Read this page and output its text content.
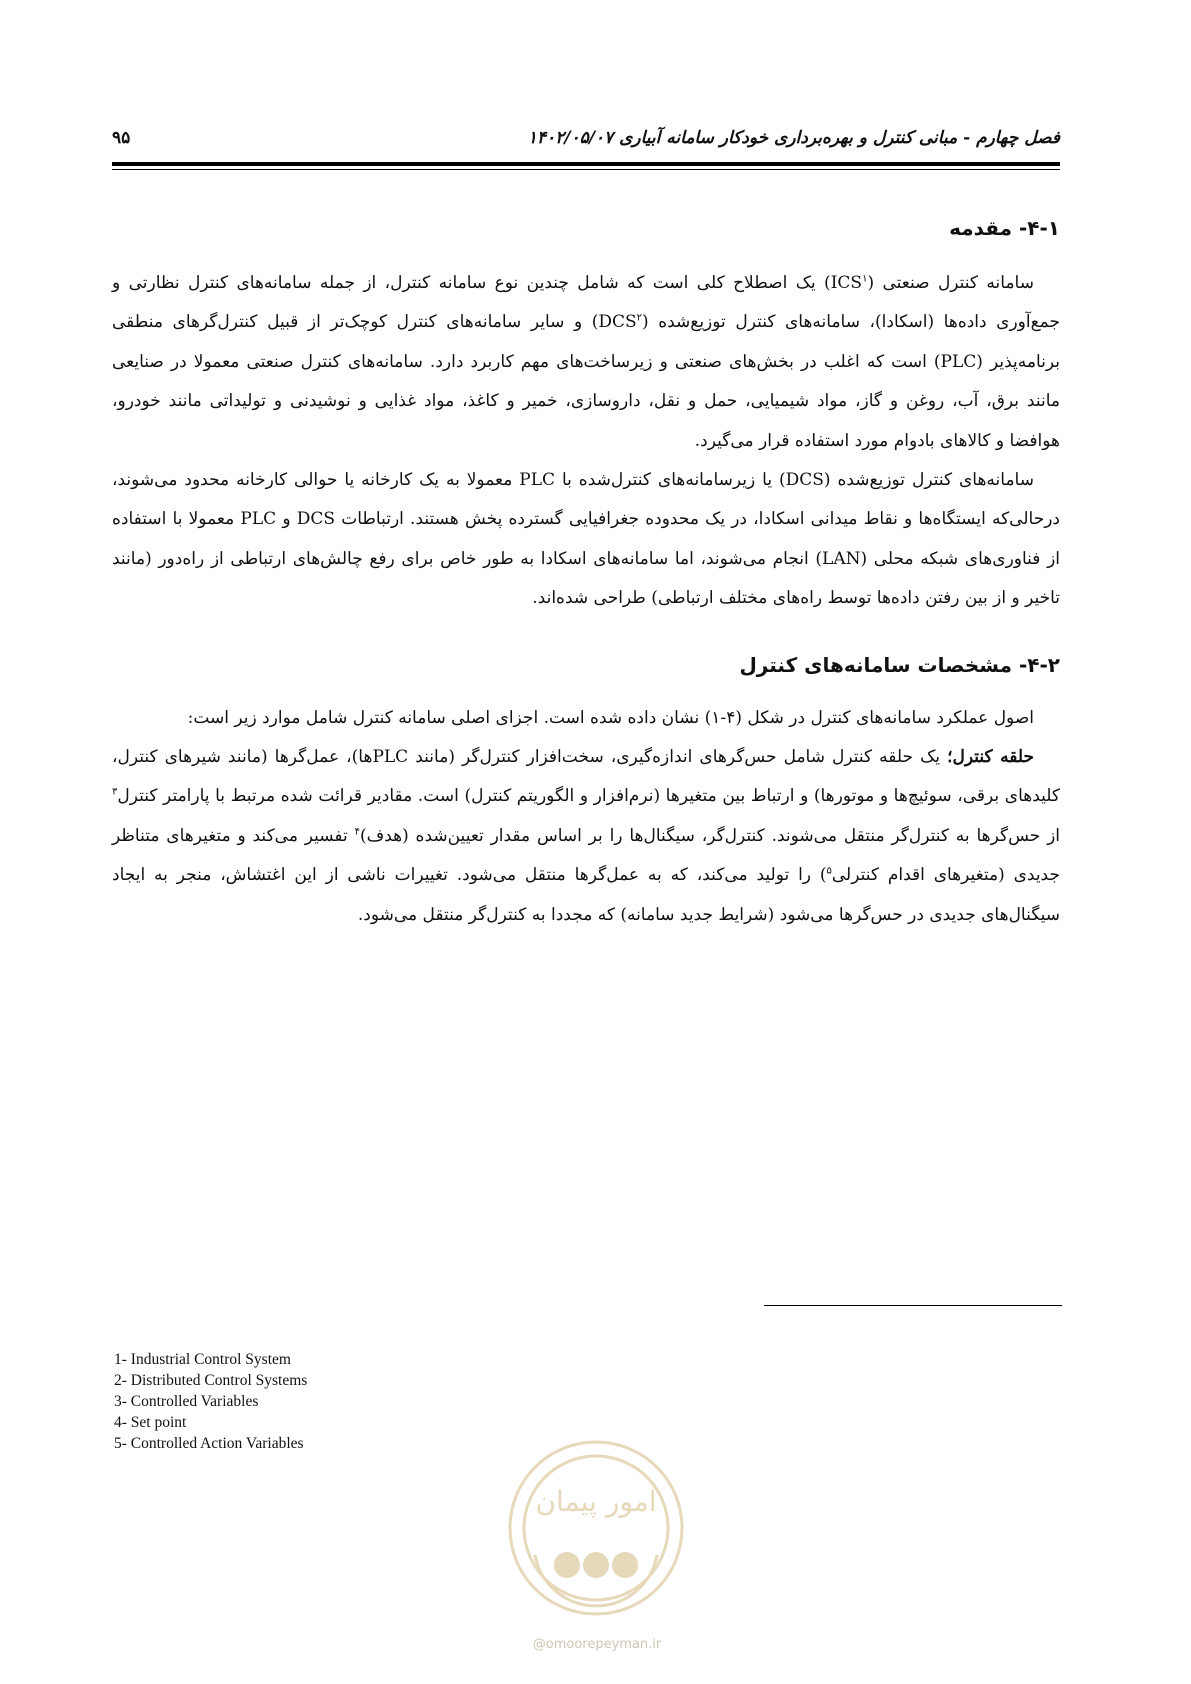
فصل چهارم - مبانی کنترل و بهره‌برداری خودکار سامانه آبیاری ۱۴۰۲/۰۵/۰۷
۹۵
۴-۱- مقدمه

سامانه کنترل صنعتی (ICS$^۱$) یک اصطلاح کلی است که شامل چندین نوع سامانه کنترل، از جمله سامانه‌های کنترل نظارتی و جمع‌آوری داده‌ها (اسکادا)، سامانه‌های کنترل توزیع‌شده (DCS$^۲$) و سایر سامانه‌های کنترل کوچک‌تر از قبیل کنترل‌گرهای منطقی برنامه‌پذیر (PLC) است که اغلب در بخش‌های صنعتی و زیرساخت‌های مهم کاربرد دارد. سامانه‌های کنترل صنعتی معمولا در صنایعی مانند برق، آب، روغن و گاز، مواد شیمیایی، حمل و نقل، داروسازی، خمیر و کاغذ، مواد غذایی و نوشیدنی و تولیداتی مانند خودرو، هوافضا و کالاهای بادوام مورد استفاده قرار می‌گیرد.

سامانه‌های کنترل توزیع‌شده (DCS) یا زیرسامانه‌های کنترل‌شده با PLC معمولا به یک کارخانه یا حوالی کارخانه محدود می‌شوند، درحالی‌که ایستگاه‌ها و نقاط میدانی اسکادا، در یک محدوده جغرافیایی گسترده پخش هستند. ارتباطات DCS و PLC معمولا با استفاده از فناوری‌های شبکه محلی (LAN) انجام می‌شوند، اما سامانه‌های اسکادا به طور خاص برای رفع چالش‌های ارتباطی از راه‌دور (مانند تاخیر و از بین رفتن داده‌ها توسط راه‌های مختلف ارتباطی) طراحی شده‌اند.

۴-۲- مشخصات سامانه‌های کنترل

اصول عملکرد سامانه‌های کنترل در شکل (۴-۱) نشان داده شده است. اجزای اصلی سامانه کنترل شامل موارد زیر است:

حلقه کنترل؛ یک حلقه کنترل شامل حس‌گرهای اندازه‌گیری، سخت‌افزار کنترل‌گر (مانند PLCها)، عمل‌گرها (مانند شیرهای کنترل، کلیدهای برقی، سوئیچ‌ها و موتورها) و ارتباط بین متغیرها (نرم‌افزار و الگوریتم کنترل) است. مقادیر قرائت شده مرتبط با پارامتر کنترل$^۳$ از حس‌گرها به کنترل‌گر منتقل می‌شوند. کنترل‌گر، سیگنال‌ها را بر اساس مقدار تعیین‌شده (هدف)$^۴$ تفسیر می‌کند و متغیرهای متناظر جدیدی (متغیرهای اقدام کنترلی$^۵$) را تولید می‌کند، که به عمل‌گرها منتقل می‌شود. تغییرات ناشی از این اغتشاش، منجر به ایجاد سیگنال‌های جدیدی در حس‌گرها می‌شود (شرایط جدید سامانه) که مجددا به کنترل‌گر منتقل می‌شود.

1- Industrial Control System
2- Distributed Control Systems
3- Controlled Variables
4- Set point
5- Controlled Action Variables
امور پیمان
@omoorepeyman.ir
